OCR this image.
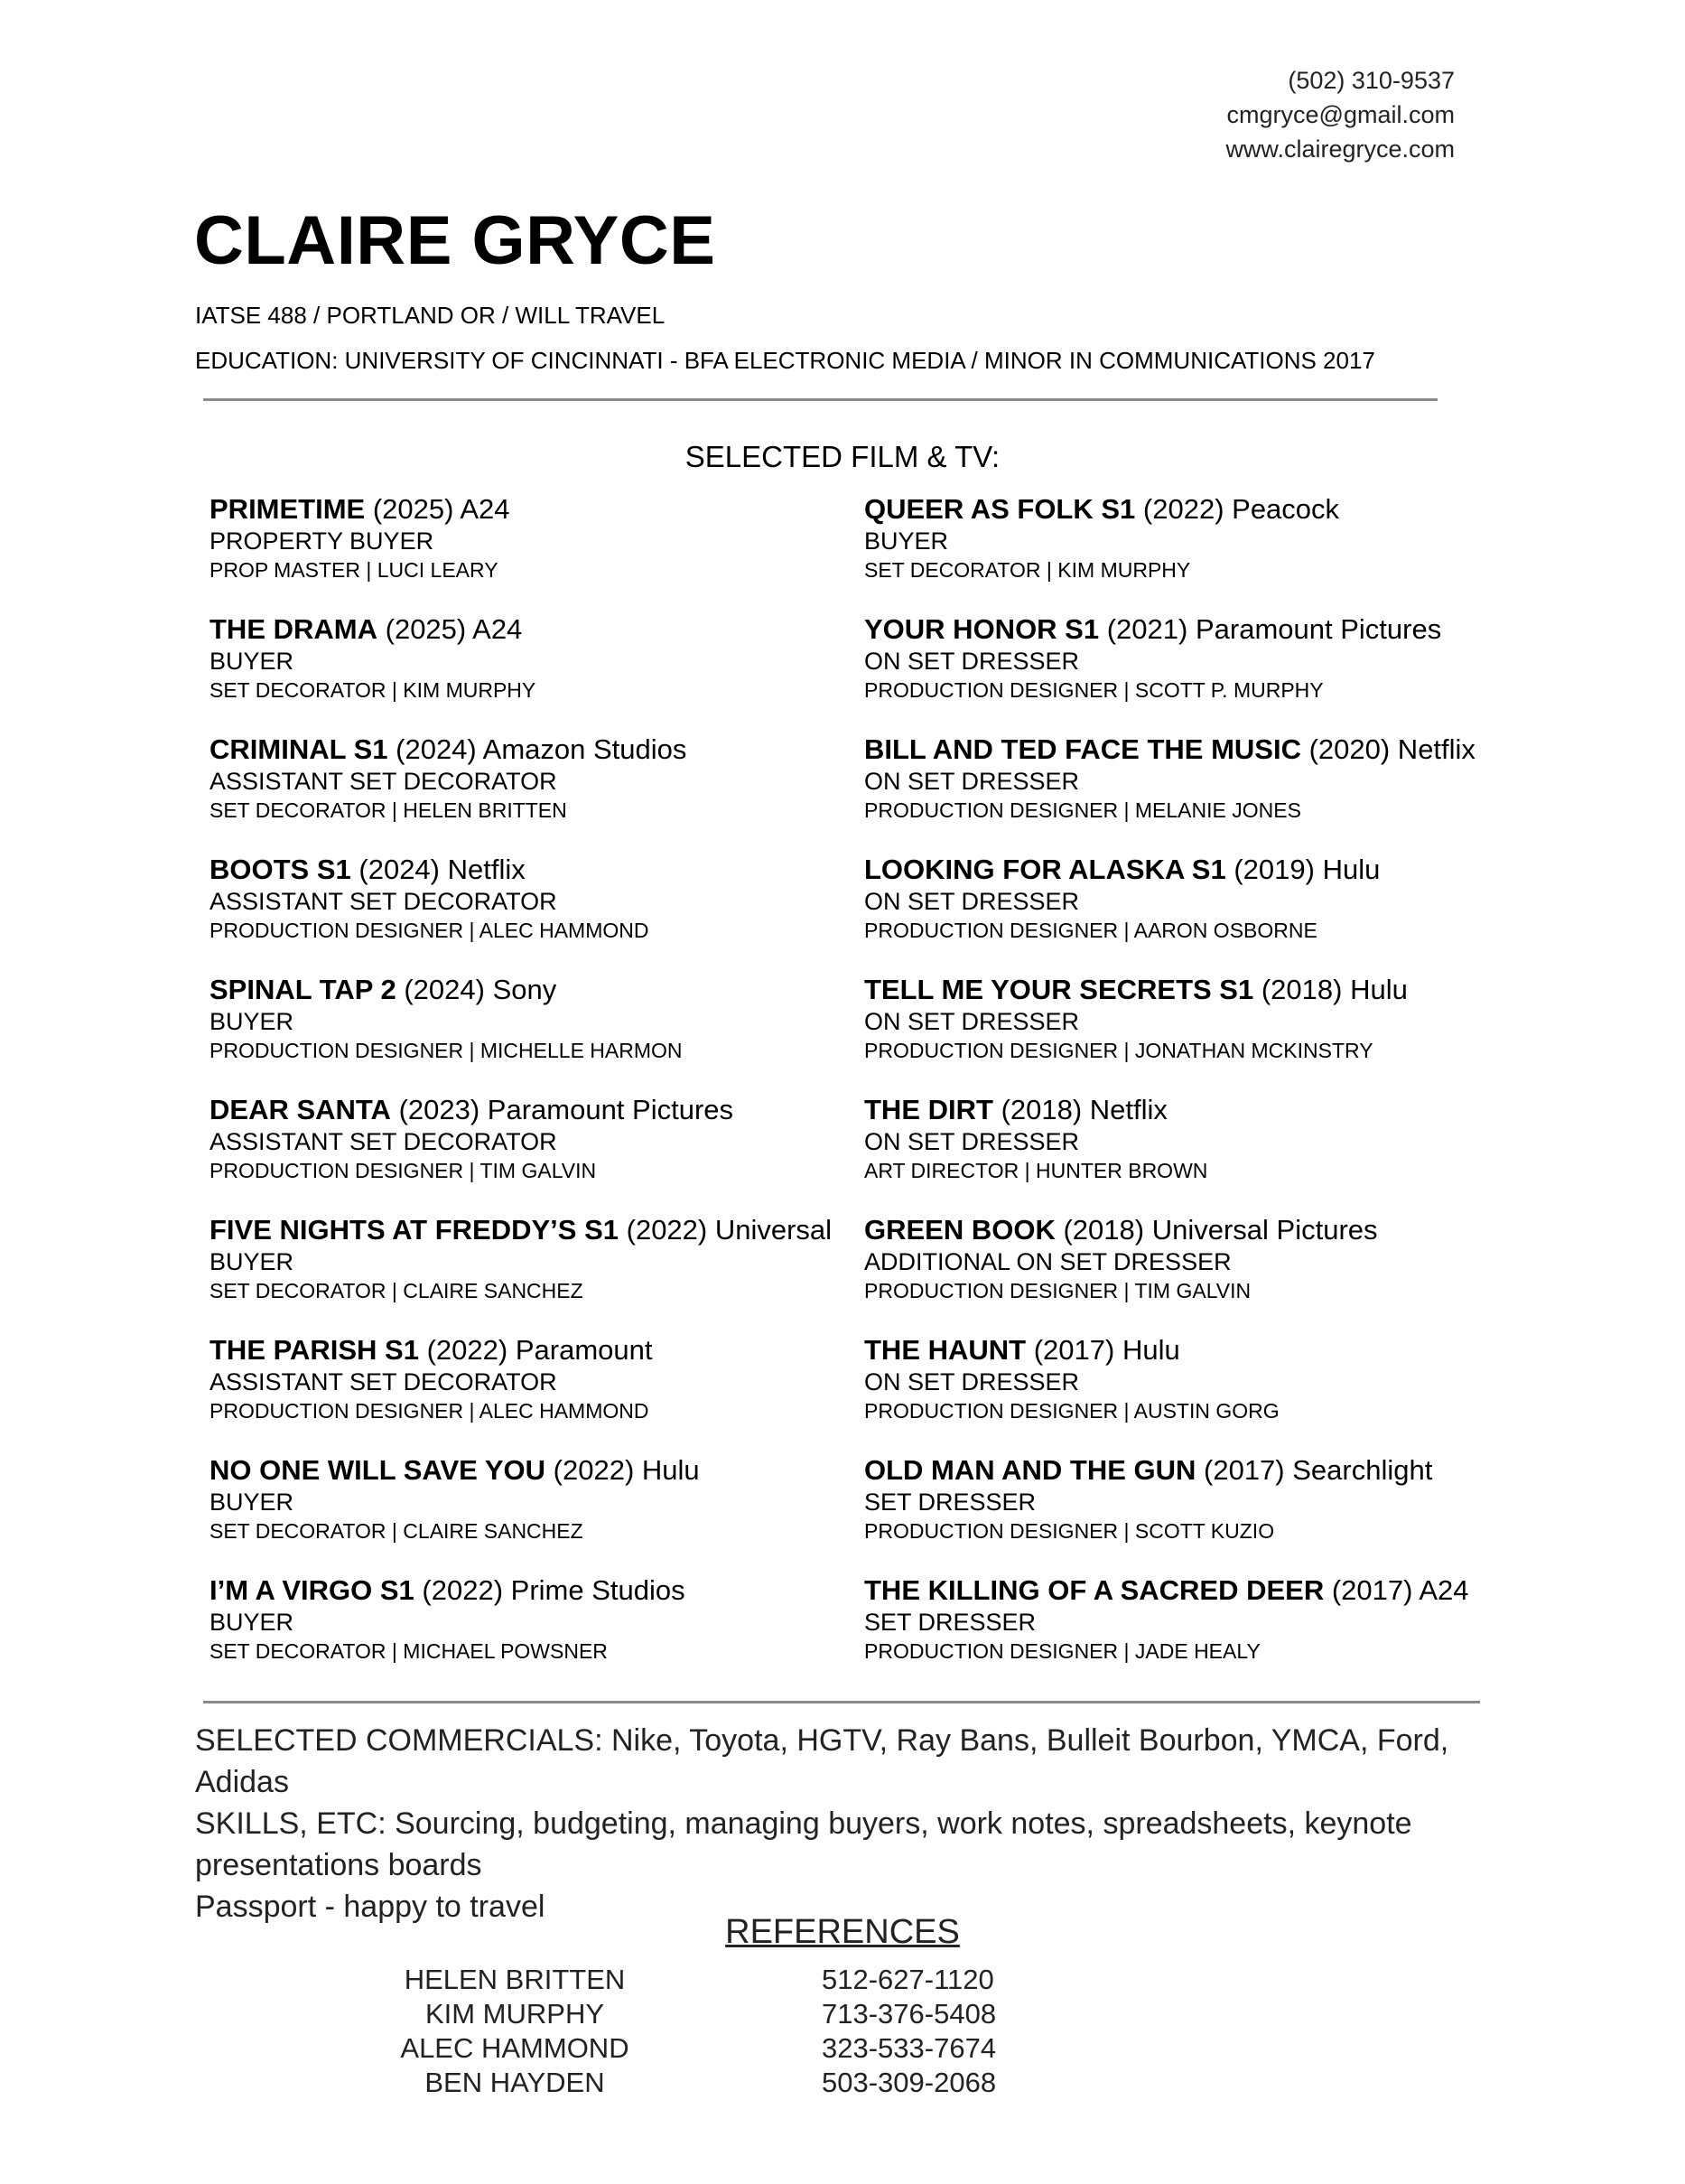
(502) 310-9537
cmgryce@gmail.com
www.clairegryce.com
CLAIRE GRYCE
IATSE 488 / PORTLAND OR / WILL TRAVEL
EDUCATION: UNIVERSITY OF CINCINNATI - BFA ELECTRONIC MEDIA / MINOR IN COMMUNICATIONS 2017
SELECTED FILM & TV:
PRIMETIME (2025) A24
PROPERTY BUYER
PROP MASTER | LUCI LEARY
QUEER AS FOLK S1 (2022) Peacock
BUYER
SET DECORATOR | KIM MURPHY
THE DRAMA (2025) A24
BUYER
SET DECORATOR | KIM MURPHY
YOUR HONOR S1 (2021) Paramount Pictures
ON SET DRESSER
PRODUCTION DESIGNER | SCOTT P. MURPHY
CRIMINAL S1 (2024) Amazon Studios
ASSISTANT SET DECORATOR
SET DECORATOR | HELEN BRITTEN
BILL AND TED FACE THE MUSIC (2020) Netflix
ON SET DRESSER
PRODUCTION DESIGNER | MELANIE JONES
BOOTS S1 (2024) Netflix
ASSISTANT SET DECORATOR
PRODUCTION DESIGNER | ALEC HAMMOND
LOOKING FOR ALASKA S1 (2019) Hulu
ON SET DRESSER
PRODUCTION DESIGNER | AARON OSBORNE
SPINAL TAP 2 (2024) Sony
BUYER
PRODUCTION DESIGNER | MICHELLE HARMON
TELL ME YOUR SECRETS S1 (2018) Hulu
ON SET DRESSER
PRODUCTION DESIGNER | JONATHAN MCKINSTRY
DEAR SANTA (2023) Paramount Pictures
ASSISTANT SET DECORATOR
PRODUCTION DESIGNER | TIM GALVIN
THE DIRT (2018) Netflix
ON SET DRESSER
ART DIRECTOR | HUNTER BROWN
FIVE NIGHTS AT FREDDY’S S1 (2022) Universal
BUYER
SET DECORATOR | CLAIRE SANCHEZ
GREEN BOOK (2018) Universal Pictures
ADDITIONAL ON SET DRESSER
PRODUCTION DESIGNER | TIM GALVIN
THE PARISH S1 (2022) Paramount
ASSISTANT SET DECORATOR
PRODUCTION DESIGNER | ALEC HAMMOND
THE HAUNT (2017) Hulu
ON SET DRESSER
PRODUCTION DESIGNER | AUSTIN GORG
NO ONE WILL SAVE YOU (2022) Hulu
BUYER
SET DECORATOR | CLAIRE SANCHEZ
OLD MAN AND THE GUN (2017) Searchlight
SET DRESSER
PRODUCTION DESIGNER | SCOTT KUZIO
I’M A VIRGO S1 (2022) Prime Studios
BUYER
SET DECORATOR | MICHAEL POWSNER
THE KILLING OF A SACRED DEER (2017) A24
SET DRESSER
PRODUCTION DESIGNER | JADE HEALY

SELECTED COMMERCIALS: Nike, Toyota, HGTV, Ray Bans, Bulleit Bourbon, YMCA, Ford, Adidas

SKILLS, ETC: Sourcing, budgeting, managing buyers, work notes, spreadsheets, keynote presentations boards

Passport - happy to travel

REFERENCES
HELEN BRITTEN	512-627-1120
KIM MURPHY	713-376-5408
ALEC HAMMOND	323-533-7674
BEN HAYDEN	503-309-2068
